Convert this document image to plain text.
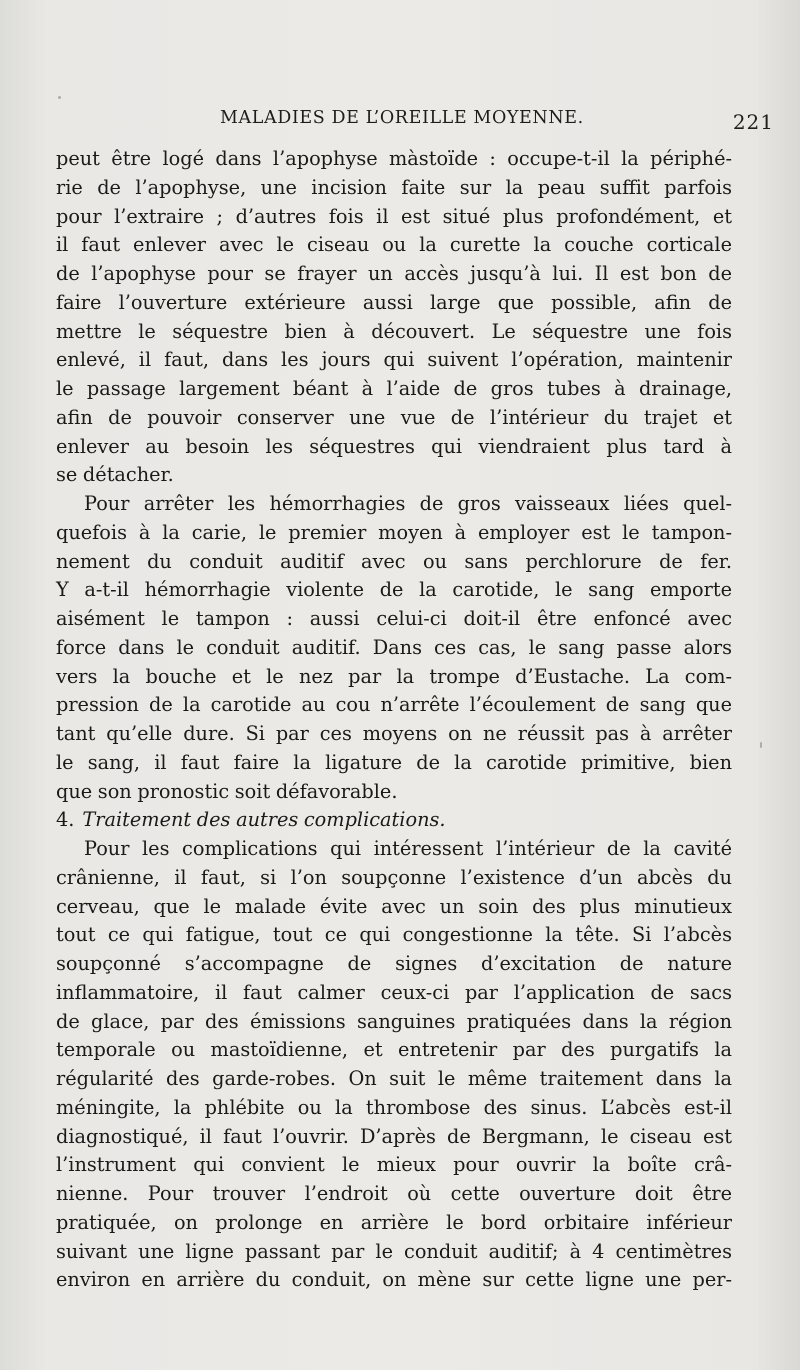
MALADIES DE L’OREILLE MOYENNE.	221

peut être logé dans l’apophyse màstoïde : occupe-t-il la périphé-

rie de l’apophyse, une incision faite sur la peau suffit parfois

pour l’extraire ; d’autres fois il est situé plus profondément, et

il faut enlever avec le ciseau ou la curette la couche corticale

de l’apophyse pour se frayer un accès jusqu’à lui. Il est bon de

faire l’ouverture extérieure aussi large que possible, afin de

mettre le séquestre bien à découvert. Le séquestre une fois

enlevé, il faut, dans les jours qui suivent l’opération, maintenir

le passage largement béant à l’aide de gros tubes à drainage,

afin de pouvoir conserver une vue de l’intérieur du trajet et

enlever au besoin les séquestres qui viendraient plus tard à

se détacher.

Pour arrêter les hémorrhagies de gros vaisseaux liées quel-

quefois à la carie, le premier moyen à employer est le tampon-

nement du conduit auditif avec ou sans perchlorure de fer.

Y a-t-il hémorrhagie violente de la carotide, le sang emporte

aisément le tampon : aussi celui-ci doit-il être enfoncé avec

force dans le conduit auditif. Dans ces cas, le sang passe alors

vers la bouche et le nez par la trompe d’Eustache. La com-

pression de la carotide au cou n’arrête l’écoulement de sang que

tant qu’elle dure. Si par ces moyens on ne réussit pas à arrêter

le sang, il faut faire la ligature de la carotide primitive, bien

que son pronostic soit défavorable.

4. Traitement des autres complications.

Pour les complications qui intéressent l’intérieur de la cavité

crânienne, il faut, si l’on soupçonne l’existence d’un abcès du

cerveau, que le malade évite avec un soin des plus minutieux

tout ce qui fatigue, tout ce qui congestionne la tête. Si l’abcès

soupçonné s’accompagne de signes d’excitation de nature

inflammatoire, il faut calmer ceux-ci par l’application de sacs

de glace, par des émissions sanguines pratiquées dans la région

temporale ou mastoïdienne, et entretenir par des purgatifs la

régularité des garde-robes. On suit le même traitement dans la

méningite, la phlébite ou la thrombose des sinus. L’abcès est-il

diagnostiqué, il faut l’ouvrir. D’après de Bergmann, le ciseau est

l’instrument qui convient le mieux pour ouvrir la boîte crâ-

nienne. Pour trouver l’endroit où cette ouverture doit être

pratiquée, on prolonge en arrière le bord orbitaire inférieur

suivant une ligne passant par le conduit auditif; à 4 centimètres

environ en arrière du conduit, on mène sur cette ligne une per-
